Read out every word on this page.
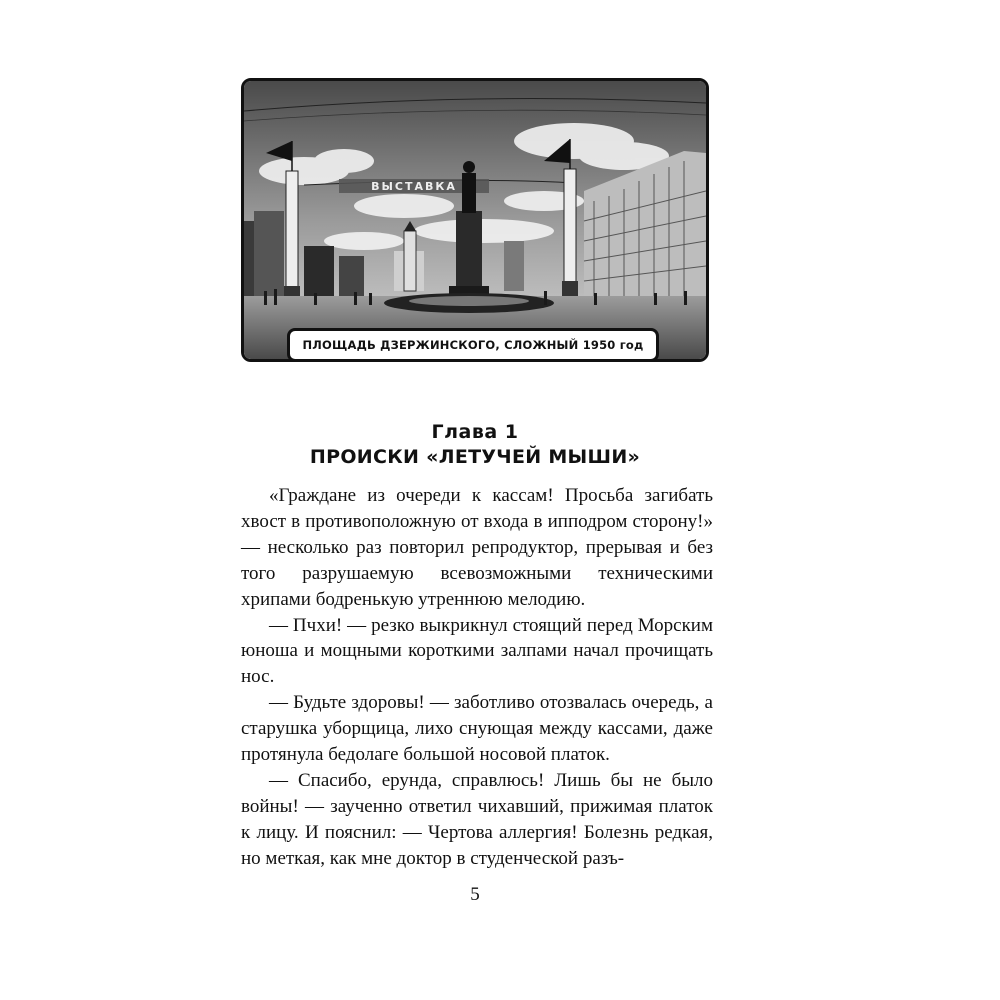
ВЫСТАВКА
ПЛОЩАДЬ ДЗЕРЖИНСКОГО, СЛОЖНЫЙ 1950 год
Глава 1
ПРОИСКИ «ЛЕТУЧЕЙ МЫШИ»

«Граждане из очереди к кассам! Просьба загибать хвост в противоположную от входа в ипподром сторону!» — несколько раз повторил репродуктор, прерывая и без того разрушаемую всевозможными техническими хрипами бодренькую утреннюю мелодию.

— Пчхи! — резко выкрикнул стоящий перед Морским юноша и мощными короткими залпами начал прочищать нос.

— Будьте здоровы! — заботливо отозвалась очередь, а старушка уборщица, лихо снующая между кассами, даже протянула бедолаге большой носовой платок.

— Спасибо, ерунда, справлюсь! Лишь бы не было войны! — заученно ответил чихавший, прижимая платок к лицу. И пояснил: — Чертова аллергия! Болезнь редкая, но меткая, как мне доктор в студенческой разъ-

5
